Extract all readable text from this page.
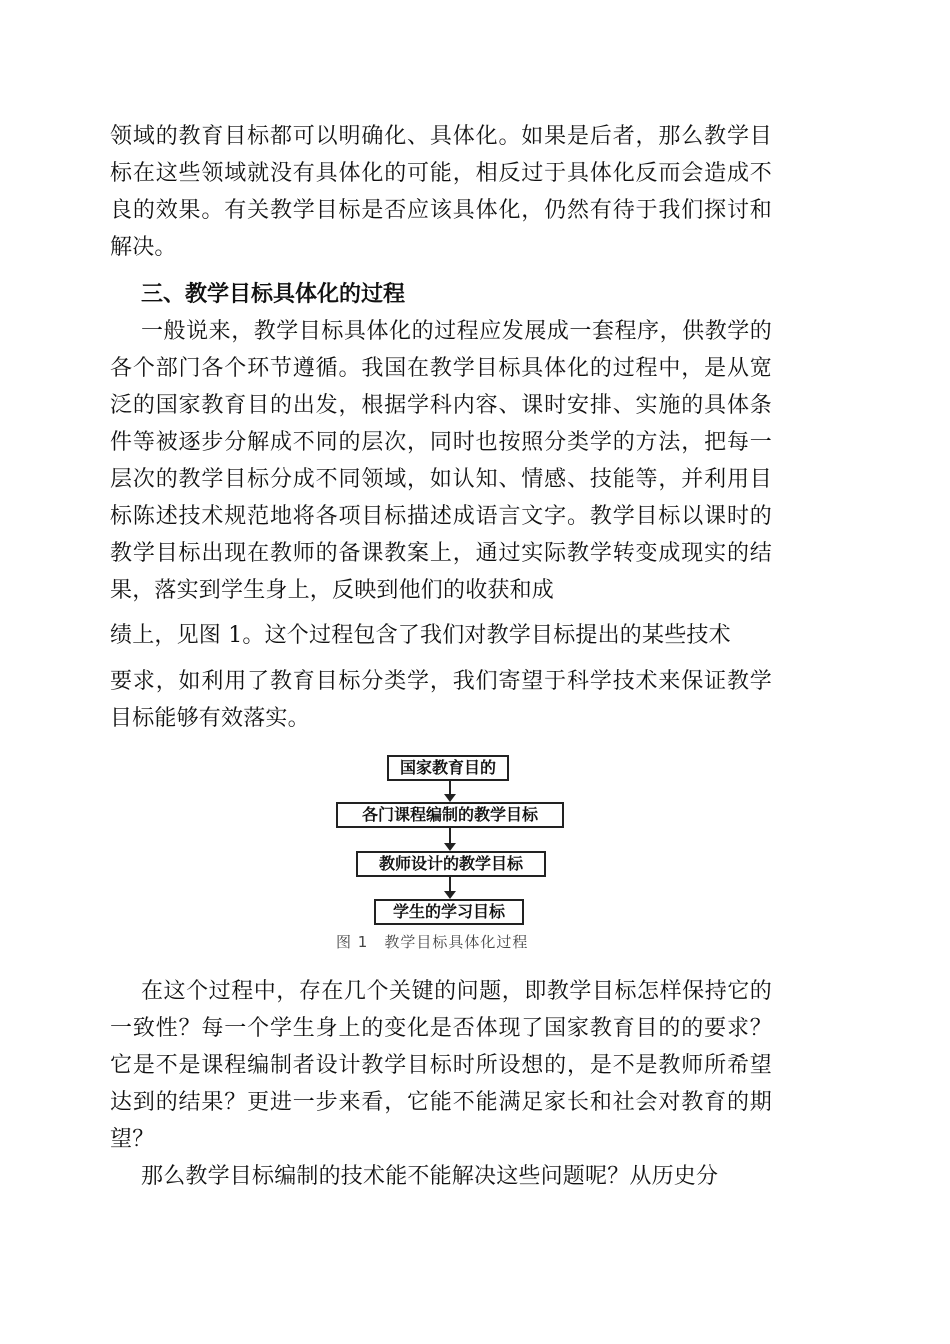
领域的教育目标都可以明确化、具体化。如果是后者，那么教学目标在这些领域就没有具体化的可能，相反过于具体化反而会造成不良的效果。有关教学目标是否应该具体化，仍然有待于我们探讨和解决。

三、教学目标具体化的过程

一般说来，教学目标具体化的过程应发展成一套程序，供教学的各个部门各个环节遵循。我国在教学目标具体化的过程中，是从宽泛的国家教育目的出发，根据学科内容、课时安排、实施的具体条件等被逐步分解成不同的层次，同时也按照分类学的方法，把每一层次的教学目标分成不同领域，如认知、情感、技能等，并利用目标陈述技术规范地将各项目标描述成语言文字。教学目标以课时的教学目标出现在教师的备课教案上，通过实际教学转变成现实的结果，落实到学生身上，反映到他们的收获和成

绩上，见图 1。这个过程包含了我们对教学目标提出的某些技术

要求，如利用了教育目标分类学，我们寄望于科学技术来保证教学目标能够有效落实。

国家教育目的
各门课程编制的教学目标
教师设计的教学目标
学生的学习目标
图 1 教学目标具体化过程

在这个过程中，存在几个关键的问题，即教学目标怎样保持它的一致性？每一个学生身上的变化是否体现了国家教育目的的要求？它是不是课程编制者设计教学目标时所设想的，是不是教师所希望达到的结果？更进一步来看，它能不能满足家长和社会对教育的期望？

那么教学目标编制的技术能不能解决这些问题呢？从历史分
